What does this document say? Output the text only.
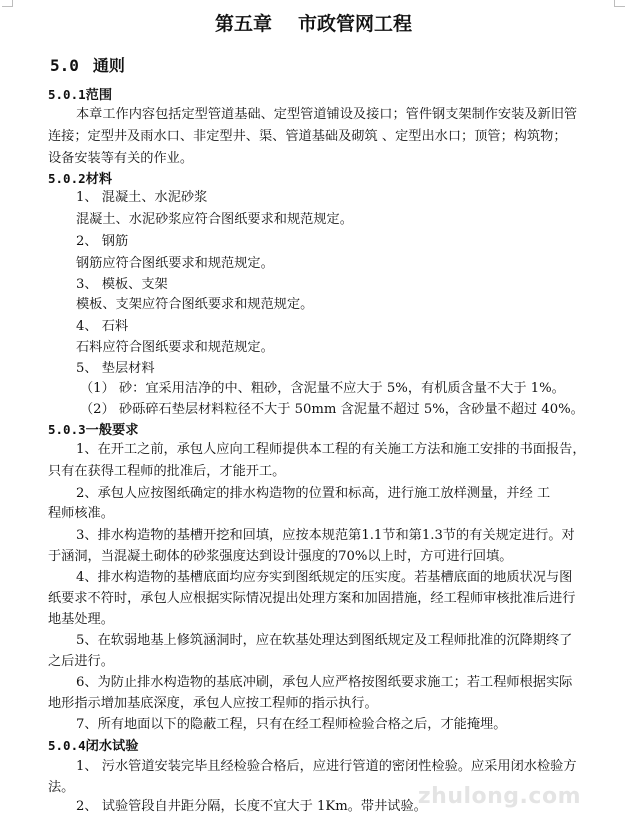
第五章 市政管网工程
5.0 通则
5.0.1范围
本章工作内容包括定型管道基础、定型管道铺设及接口；管件钢支架制作安装及新旧管
连接；定型井及雨水口、非定型井、渠、管道基础及砌筑 、定型出水口；顶管；构筑物；
设备安装等有关的作业。
5.0.2材料
1、 混凝土、水泥砂浆
混凝土、水泥砂浆应符合图纸要求和规范规定。
2、 钢筋
钢筋应符合图纸要求和规范规定。
3、 模板、支架
模板、支架应符合图纸要求和规范规定。
4、 石料
石料应符合图纸要求和规范规定。
5、 垫层材料
（1） 砂：宜采用洁净的中、粗砂，含泥量不应大于 5%，有机质含量不大于 1%。
（2） 砂砾碎石垫层材料粒径不大于 50mm 含泥量不超过 5%，含砂量不超过 40%。
5.0.3一般要求
1、在开工之前，承包人应向工程师提供本工程的有关施工方法和施工安排的书面报告，
只有在获得工程师的批准后，才能开工。
2、承包人应按图纸确定的排水构造物的位置和标高，进行施工放样测量，并经 工
程师核准。
3、排水构造物的基槽开挖和回填，应按本规范第1.1节和第1.3节的有关规定进行。对
于涵洞，当混凝土砌体的砂浆强度达到设计强度的70%以上时，方可进行回填。
4、排水构造物的基槽底面均应夯实到图纸规定的压实度。若基槽底面的地质状况与图
纸要求不符时，承包人应根据实际情况提出处理方案和加固措施，经工程师审核批准后进行
地基处理。
5、在软弱地基上修筑涵洞时，应在软基处理达到图纸规定及工程师批准的沉降期终了
之后进行。
6、为防止排水构造物的基底冲刷，承包人应严格按图纸要求施工；若工程师根据实际
地形指示增加基底深度，承包人应按工程师的指示执行。
7、所有地面以下的隐蔽工程，只有在经工程师检验合格之后，才能掩埋。
5.0.4闭水试验
1、 污水管道安装完毕且经检验合格后，应进行管道的密闭性检验。应采用闭水检验方
法。
2、 试验管段自井距分隔，长度不宜大于 1Km。带井试验。
zhulong.com
